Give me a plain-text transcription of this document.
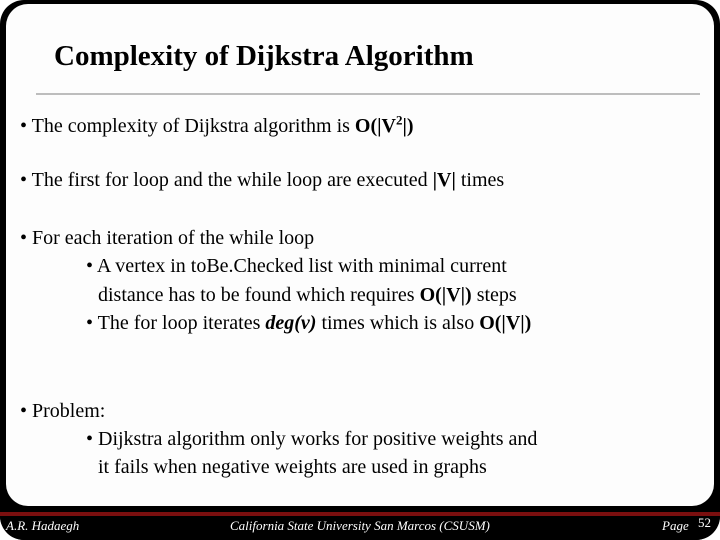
Complexity of Dijkstra Algorithm
• The complexity of Dijkstra algorithm is $O(|V^2|)$
• The first for loop and the while loop are executed |V| times
• For each iteration of the while loop
• A vertex in toBe.Checked list with minimal current
distance has to be found which requires O(|V|) steps
• The for loop iterates deg(v) times which is also O(|V|)
• Problem:
• Dijkstra algorithm only works for positive weights and
it fails when negative weights are used in graphs
A.R. Hadaegh	California State University San Marcos (CSUSM)	Page 52
